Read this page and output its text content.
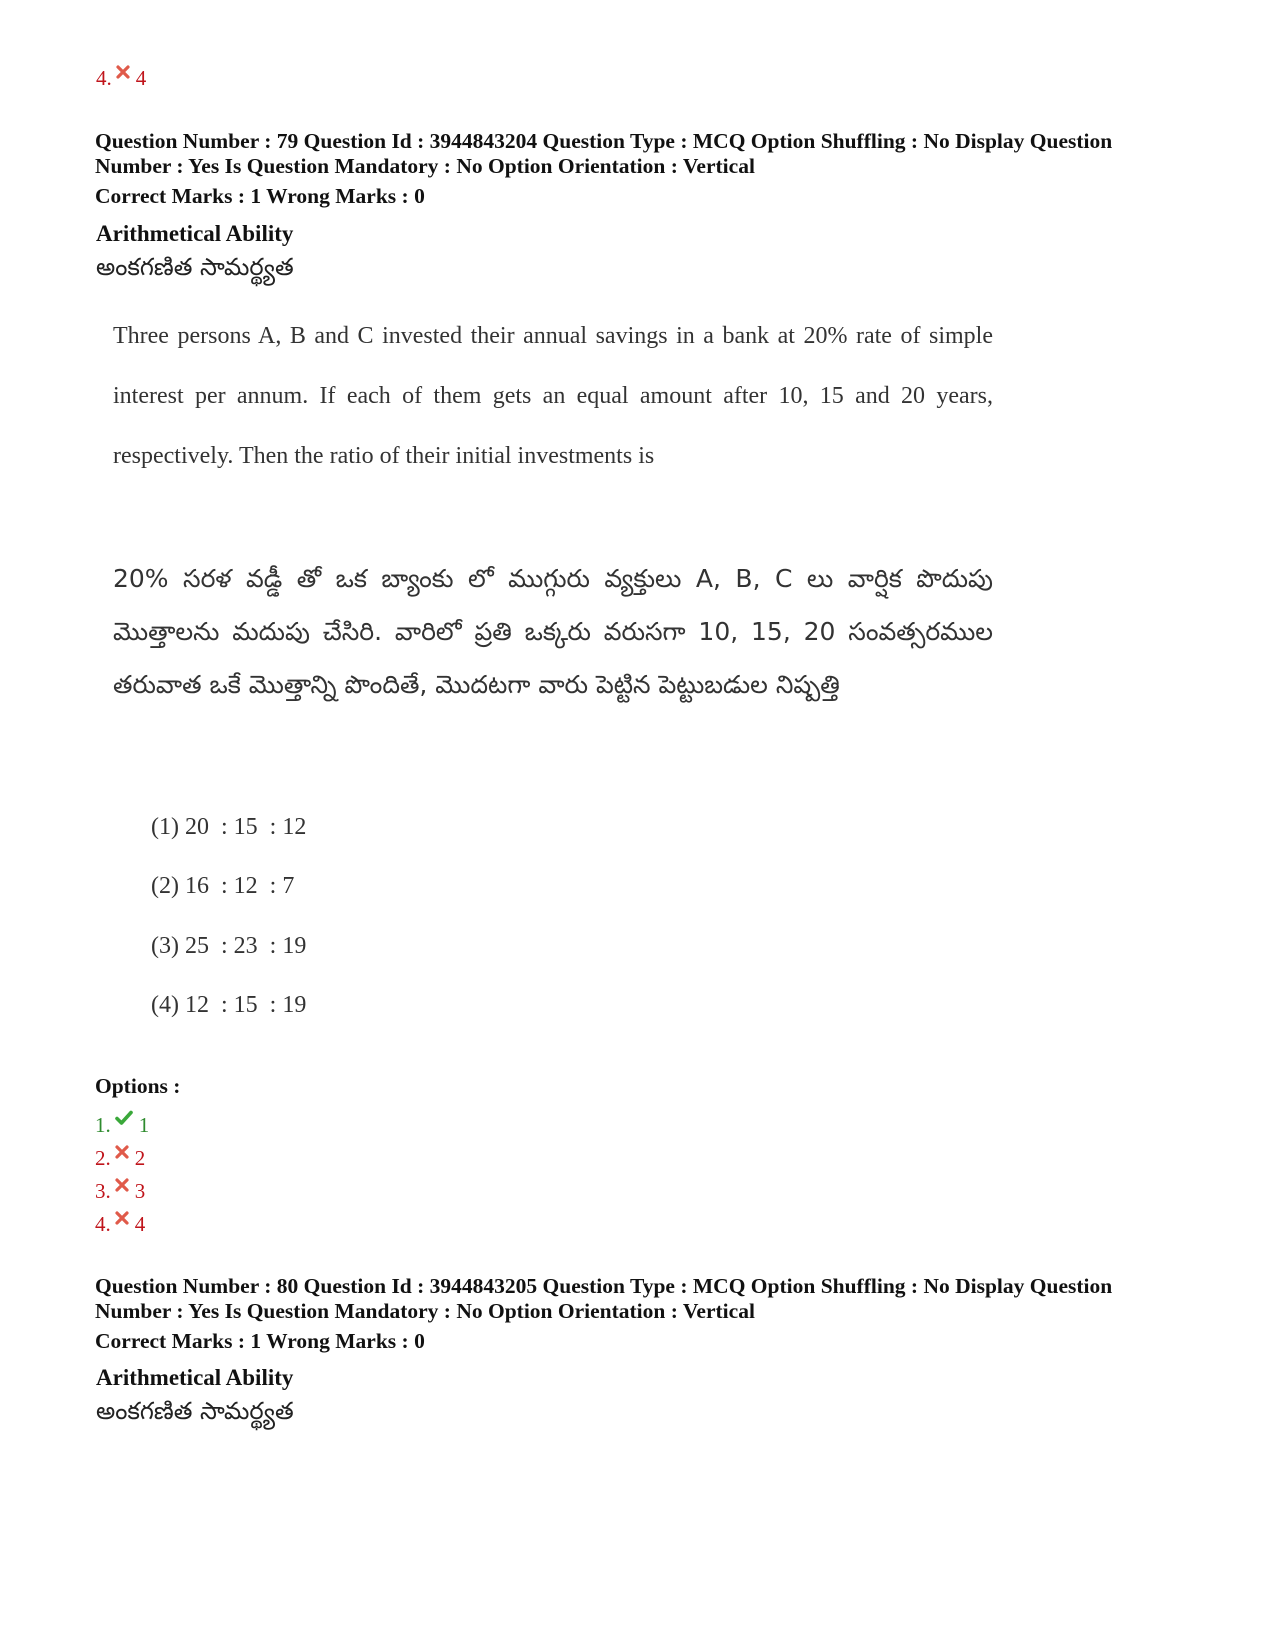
4. 4
Question Number : 79 Question Id : 3944843204 Question Type : MCQ Option Shuffling : No Display Question
Number : Yes Is Question Mandatory : No Option Orientation : Vertical
Correct Marks : 1 Wrong Marks : 0
Arithmetical Ability
అంకగణిత సామర్థ్యత
Three persons A, B and C invested their annual savings in a bank at 20% rate of simple interest per annum. If each of them gets an equal amount after 10, 15 and 20 years, respectively. Then the ratio of their initial investments is
20% సరళ వడ్డీ తో ఒక బ్యాంకు లో ముగ్గురు వ్యక్తులు A, B, C లు వార్షిక పొదుపు మొత్తాలను మదుపు చేసిరి. వారిలో ప్రతి ఒక్కరు వరుసగా 10, 15, 20 సంవత్సరముల తరువాత ఒకే మొత్తాన్ని పొందితే, మొదటగా వారు పెట్టిన పెట్టుబడుల నిష్పత్తి
(1) 20  : 15  : 12
(2) 16  : 12  : 7
(3) 25  : 23  : 19
(4) 12  : 15  : 19
Options :
1. 1
2. 2
3. 3
4. 4
Question Number : 80 Question Id : 3944843205 Question Type : MCQ Option Shuffling : No Display Question
Number : Yes Is Question Mandatory : No Option Orientation : Vertical
Correct Marks : 1 Wrong Marks : 0
Arithmetical Ability
అంకగణిత సామర్థ్యత
